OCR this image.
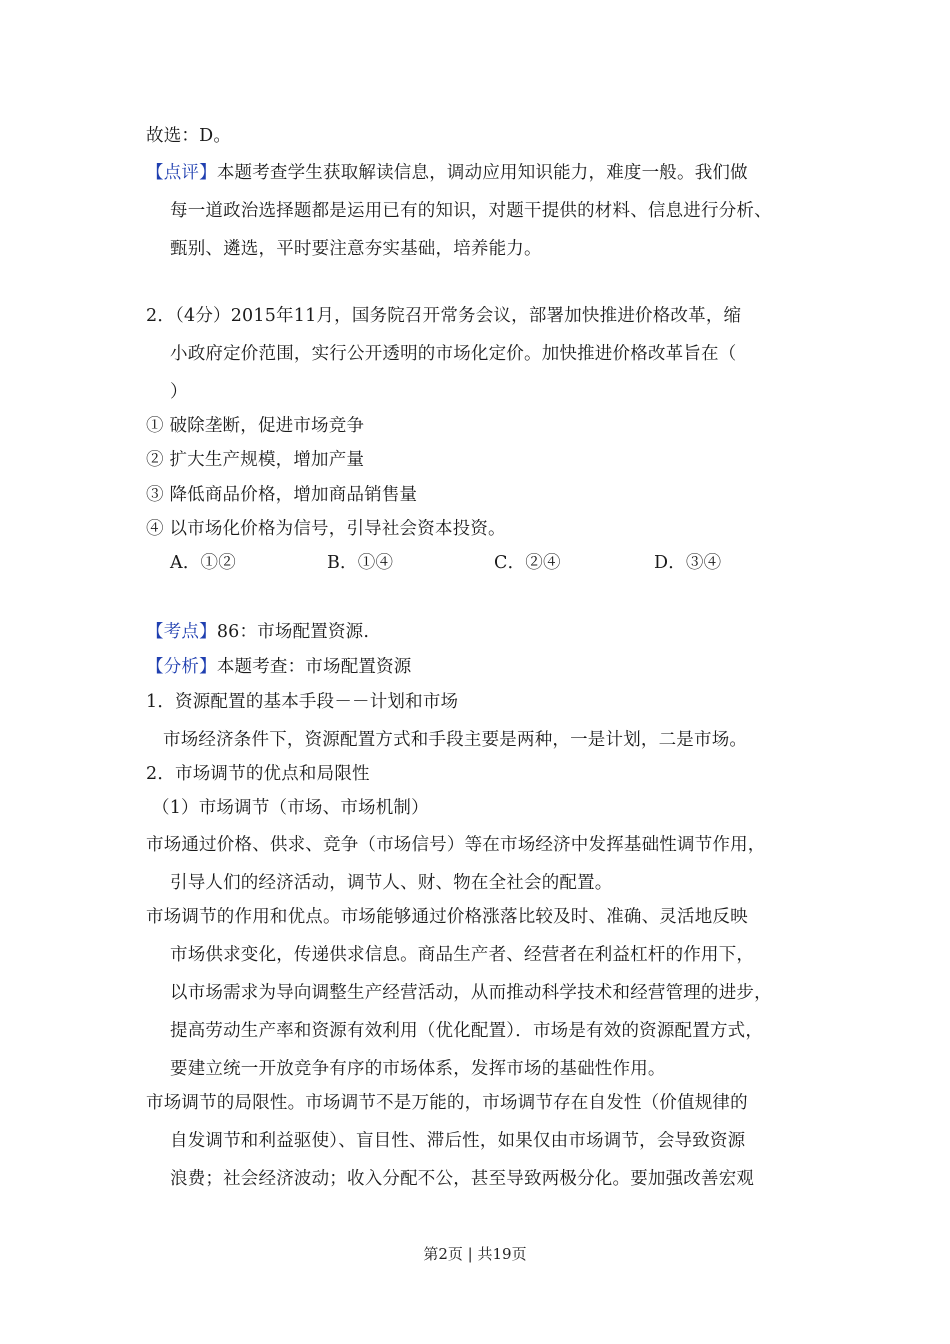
故选：D。
【点评】本题考查学生获取解读信息，调动应用知识能力，难度一般。我们做
每一道政治选择题都是运用已有的知识，对题干提供的材料、信息进行分析、
甄别、遴选，平时要注意夯实基础，培养能力。
2．（4分）2015年11月，国务院召开常务会议，部署加快推进价格改革，缩
小政府定价范围，实行公开透明的市场化定价。加快推进价格改革旨在（
）
① 破除垄断，促进市场竞争
② 扩大生产规模，增加产量
③ 降低商品价格，增加商品销售量
④ 以市场化价格为信号，引导社会资本投资。
A．①②	B．①④	C．②④	D．③④
【考点】86：市场配置资源.
【分析】本题考查：市场配置资源
1．资源配置的基本手段－－计划和市场
市场经济条件下，资源配置方式和手段主要是两种，一是计划，二是市场。
2．市场调节的优点和局限性
（1）市场调节（市场、市场机制）
市场通过价格、供求、竞争（市场信号）等在市场经济中发挥基础性调节作用，
引导人们的经济活动，调节人、财、物在全社会的配置。
市场调节的作用和优点。市场能够通过价格涨落比较及时、准确、灵活地反映
市场供求变化，传递供求信息。商品生产者、经营者在利益杠杆的作用下，
以市场需求为导向调整生产经营活动，从而推动科学技术和经营管理的进步，
提高劳动生产率和资源有效利用（优化配置）．市场是有效的资源配置方式，
要建立统一开放竞争有序的市场体系，发挥市场的基础性作用。
市场调节的局限性。市场调节不是万能的，市场调节存在自发性（价值规律的
自发调节和利益驱使）、盲目性、滞后性，如果仅由市场调节，会导致资源
浪费；社会经济波动；收入分配不公，甚至导致两极分化。要加强改善宏观
第2页 | 共19页
